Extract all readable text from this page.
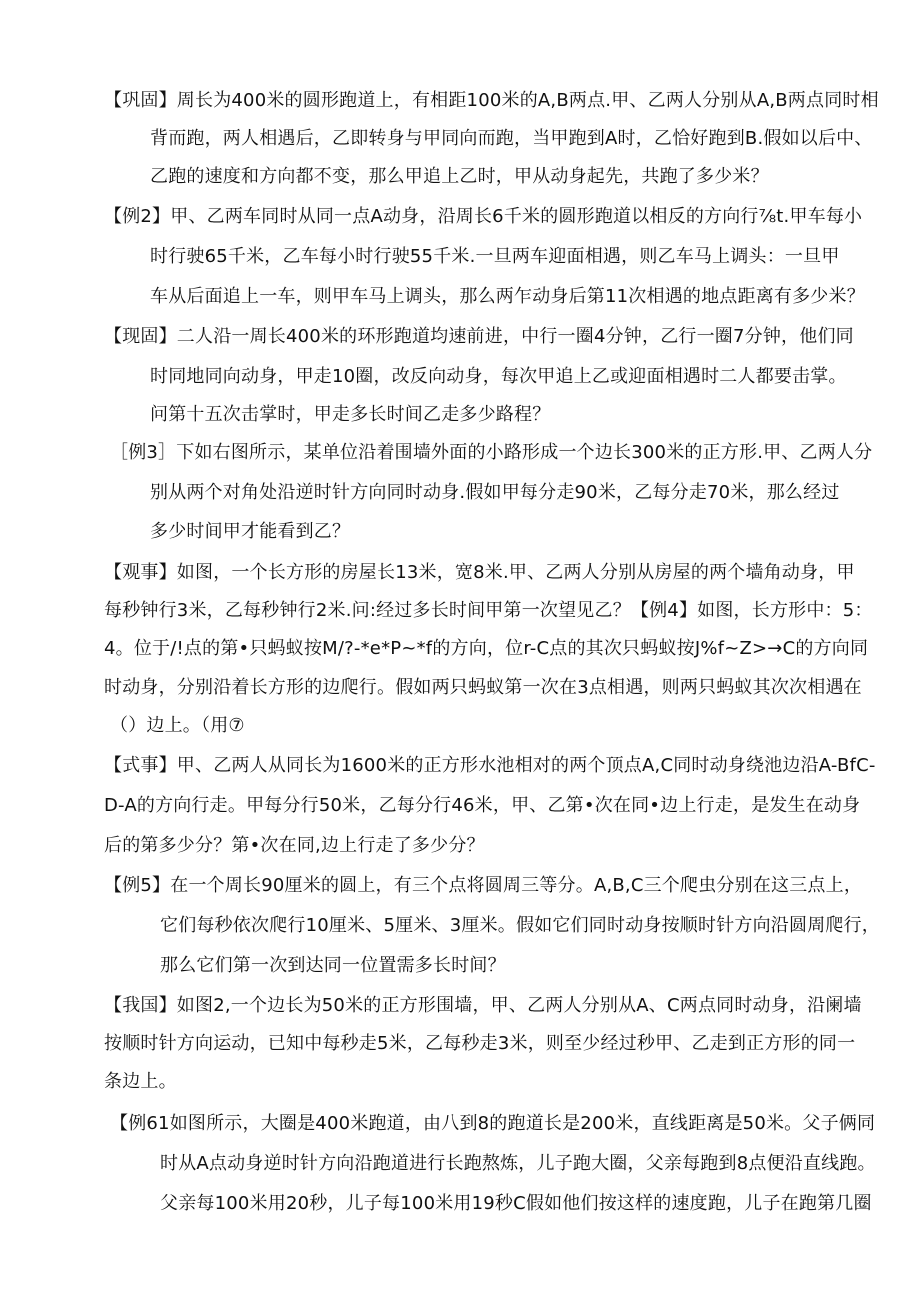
【巩固】周长为400米的圆形跑道上，有相距100米的A,B两点.甲、乙两人分别从A,B两点同时相
背而跑，两人相遇后，乙即转身与甲同向而跑，当甲跑到A时，乙恰好跑到B.假如以后中、
乙跑的速度和方向都不变，那么甲追上乙时，甲从动身起先，共跑了多少米？
【例2】甲、乙两车同时从同一点A动身，沿周长6千米的圆形跑道以相反的方向行⅞t.甲车每小
时行驶65千米，乙车每小时行驶55千米.一旦两车迎面相遇，则乙车马上调头：一旦甲
车从后面追上一车，则甲车马上调头，那么两乍动身后第11次相遇的地点距离有多少米？
【现固】二人沿一周长400米的环形跑道均速前进，中行一圈4分钟，乙行一圈7分钟，他们同
时同地同向动身，甲走10圈，改反向动身，每次甲追上乙或迎面相遇时二人都要击掌。
问第十五次击掌时，甲走多长时间乙走多少路程？
［例3］下如右图所示，某单位沿着围墙外面的小路形成一个边长300米的正方形.甲、乙两人分
别从两个对角处沿逆时针方向同时动身.假如甲每分走90米，乙每分走70米，那么经过
多少时间甲才能看到乙？
【观事】如图，一个长方形的房屋长13米，宽8米.甲、乙两人分别从房屋的两个墙角动身，甲
每秒钟行3米，乙每秒钟行2米.问:经过多长时间甲第一次望见乙？【例4】如图，长方形中：5：
4。位于/!点的第•只蚂蚁按M/?-*e*P~*f的方向，位r-C点的其次只蚂蚁按J%f~Z>→C的方向同
时动身，分别沿着长方形的边爬行。假如两只蚂蚁第一次在3点相遇，则两只蚂蚁其次次相遇在
（）边上。（用⑦
【式事】甲、乙两人从同长为1600米的正方形水池相对的两个顶点A,C同时动身绕池边沿A-BfC-
D-A的方向行走。甲每分行50米，乙每分行46米，甲、乙第•次在同•边上行走，是发生在动身
后的第多少分？第•次在同,边上行走了多少分？
【例5】在一个周长90厘米的圆上，有三个点将圆周三等分。A,B,C三个爬虫分别在这三点上，
它们每秒依次爬行10厘米、5厘米、3厘米。假如它们同时动身按顺时针方向沿圆周爬行，
那么它们第一次到达同一位置需多长时间？
【我国】如图2,一个边长为50米的正方形围墙，甲、乙两人分别从A、C两点同时动身，沿阑墙
按顺时针方向运动，已知中每秒走5米，乙每秒走3米，则至少经过秒甲、乙走到正方形的同一
条边上。
【例61如图所示，大圈是400米跑道，由八到8的跑道长是200米，直线距离是50米。父子俩同
时从A点动身逆时针方向沿跑道进行长跑熬炼，儿子跑大圈，父亲每跑到8点便沿直线跑。
父亲每100米用20秒，儿子每100米用19秒C假如他们按这样的速度跑，儿子在跑第几圈
